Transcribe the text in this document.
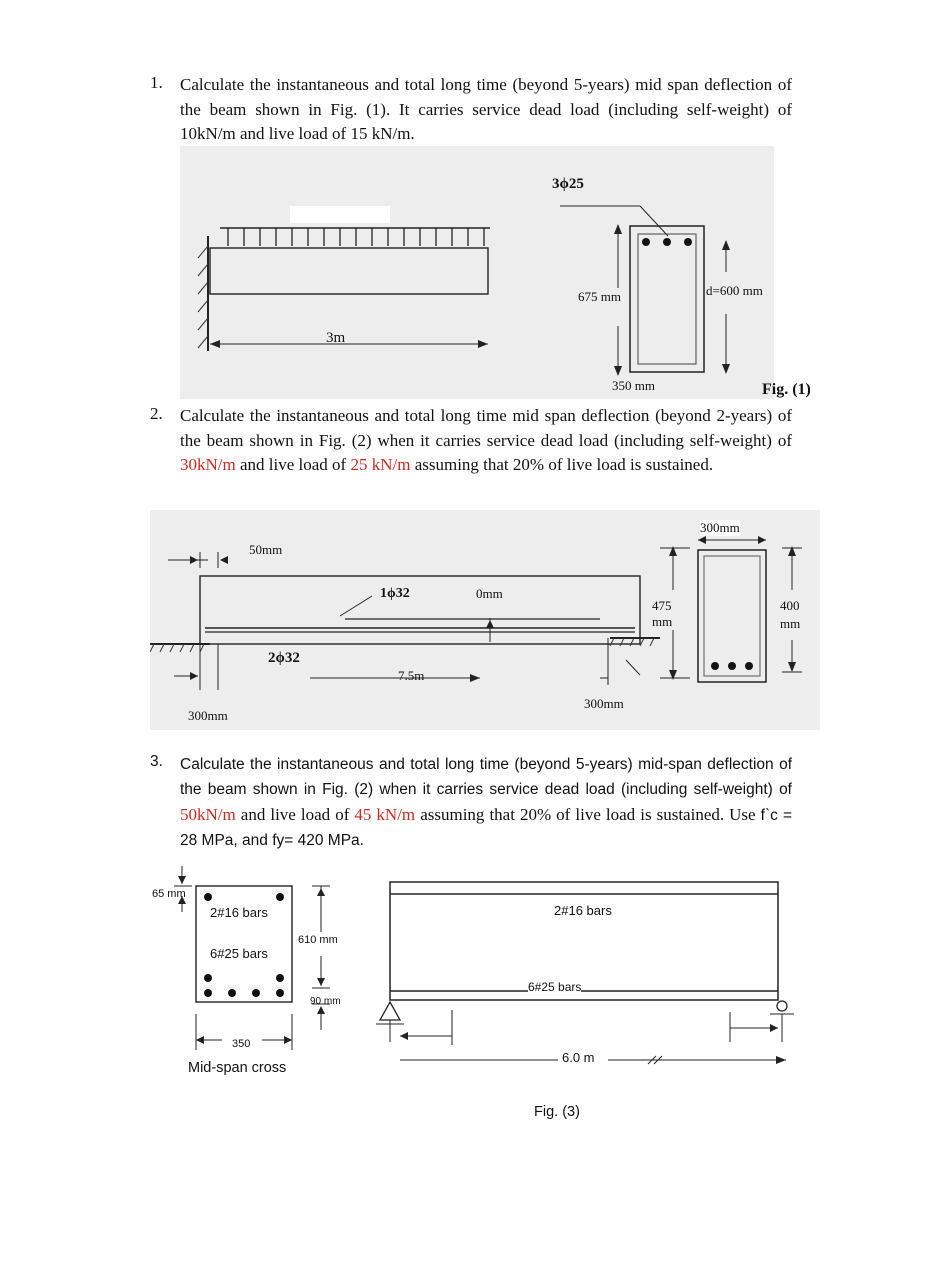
1. Calculate the instantaneous and total long time (beyond 5-years) mid span deflection of the beam shown in Fig. (1). It carries service dead load (including self-weight) of 10kN/m and live load of 15 kN/m.
3m
3ϕ25
675 mm	d=600 mm
350 mm	Fig. (1)
2. Calculate the instantaneous and total long time mid span deflection (beyond 2-years) of the beam shown in Fig. (2) when it carries service dead load (including self-weight) of 30kN/m and live load of 25 kN/m assuming that 20% of live load is sustained.
50mm
1ϕ32	0mm
2ϕ32
7.5m
300mm
300mm
300mm
475
mm
400
mm
3. Calculate the instantaneous and total long time (beyond 5-years) mid-span deflection of the beam shown in Fig. (2) when it carries service dead load (including self-weight) of 50kN/m and live load of 45 kN/m assuming that 20% of live load is sustained. Use f`c = 28 MPa, and fy= 420 MPa.
65 mm
2#16 bars
6#25 bars
610 mm
90 mm
350
Mid-span cross
2#16 bars
6#25 bars
6.0 m
Fig. (3)
